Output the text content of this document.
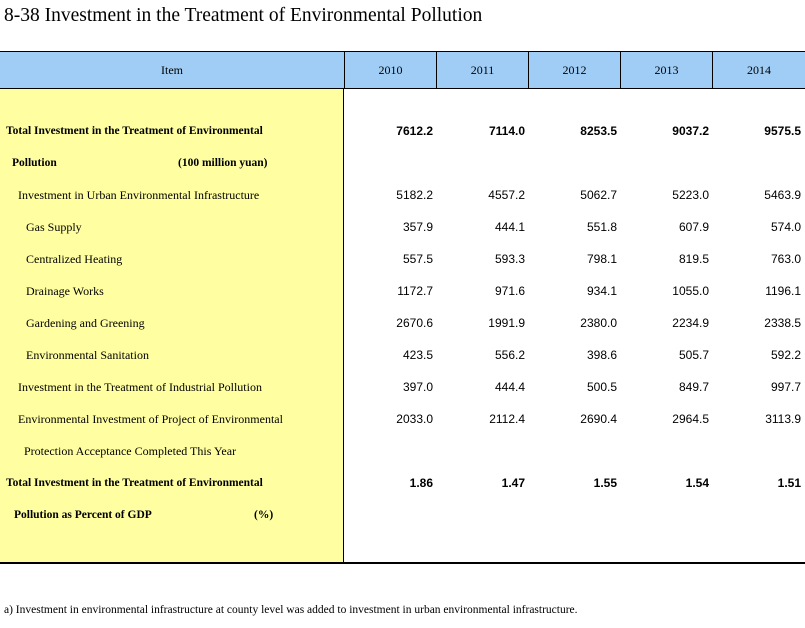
8-38 Investment in the Treatment of Environmental Pollution
Item	2010	2011	2012	2013	2014
Total Investment in the Treatment of Environmental	7612.2	7114.0	8253.5	9037.2	9575.5
Pollution	(100 million yuan)
Investment in Urban Environmental Infrastructure	5182.2	4557.2	5062.7	5223.0	5463.9
Gas Supply	357.9	444.1	551.8	607.9	574.0
Centralized Heating	557.5	593.3	798.1	819.5	763.0
Drainage Works	1172.7	971.6	934.1	1055.0	1196.1
Gardening and Greening	2670.6	1991.9	2380.0	2234.9	2338.5
Environmental Sanitation	423.5	556.2	398.6	505.7	592.2
Investment in the Treatment of Industrial Pollution	397.0	444.4	500.5	849.7	997.7
Environmental Investment of Project of Environmental	2033.0	2112.4	2690.4	2964.5	3113.9
Protection Acceptance Completed This Year
Total Investment in the Treatment of Environmental	1.86	1.47	1.55	1.54	1.51
Pollution as Percent of GDP	(%)
a) Investment in environmental infrastructure at county level was added to investment in urban environmental infrastructure.
